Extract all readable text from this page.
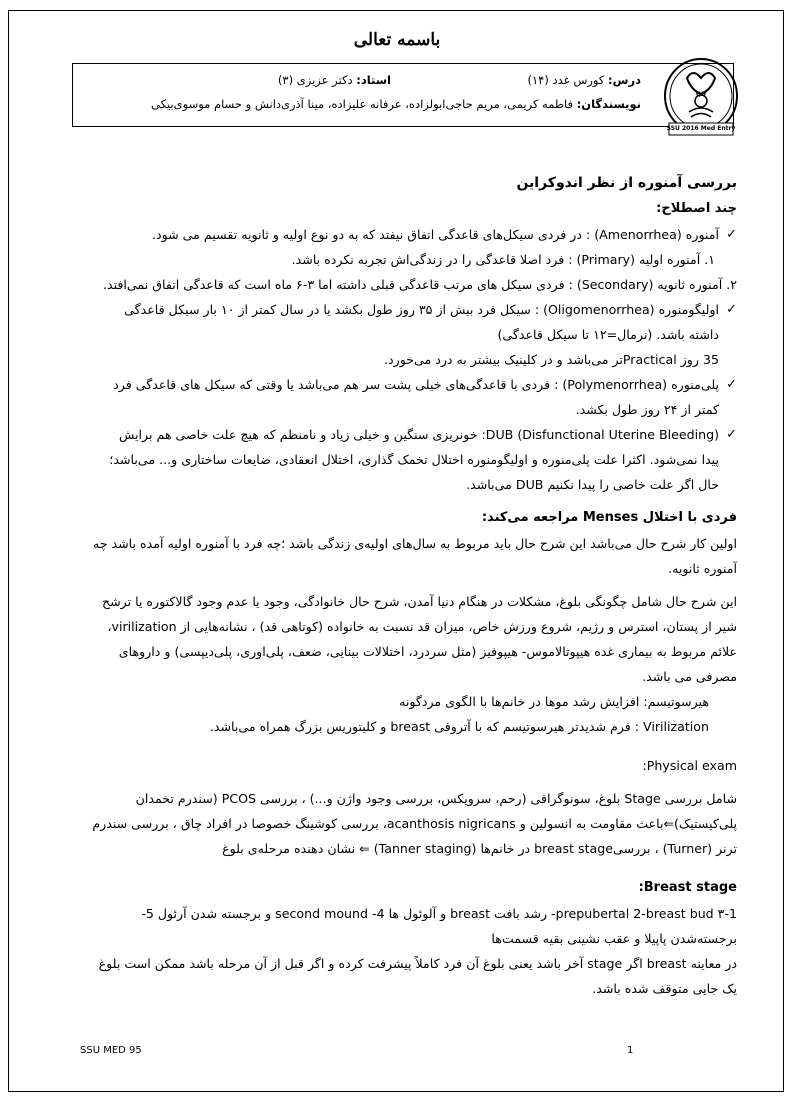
باسمه تعالی
QD
SSU 2016 Med Entry
درس: کورس غدد (۱۴)
استاد: دکتر عزیزی (۳)
نویسندگان: فاطمه کریمی، مریم حاجی‌ابولزاده، عرفانه علیزاده، مینا آذری‌دانش و حسام موسوی‌بیکی

بررسی آمنوره از نظر اندوکراین

چند اصطلاح:

✓
آمنوره (Amenorrhea) : در فردی سیکل‌های قاعدگی اتفاق نیفتد که به دو نوع اولیه و ثانویه تقسیم می شود.

۱. آمنوره اولیه (Primary) : فرد اصلا قاعدگی را در زندگی‌اش تجربه نکرده باشد.

۲. آمنوره ثانویه (Secondary) : فردی سیکل های مرتب قاعدگی قبلی داشته اما ۳-۶ ماه است که قاعدگی اتفاق نمی‌افتد.

✓
اولیگومنوره (Oligomenorrhea) : سیکل فرد بیش از ۳۵ روز طول بکشد یا در سال کمتر از ۱۰ بار سیکل قاعدگی
داشته باشد. (نرمال=۱۲ تا سیکل قاعدگی)

35 روز Practicalتر می‌باشد و در کلینیک بیشتر به درد می‌خورد.

✓
پلی‌منوره (Polymenorrhea) : فردی با قاعدگی‌های خیلی پشت سر هم می‌باشد یا وقتی که سیکل های قاعدگی فرد
کمتر از ۲۴ روز طول بکشد.

✓
DUB (Disfunctional Uterine Bleeding): خونریزی سنگین و خیلی زیاد و نامنظم که هیچ علت خاصی هم برایش
پیدا نمی‌شود. اکثرا علت پلی‌منوره و اولیگومنوره اختلال تخمک گذاری، اختلال انعقادی، ضایعات ساختاری و... می‌باشد؛
حال اگر علت خاصی را پیدا نکنیم DUB می‌باشد.

فردی با اختلال Menses مراجعه می‌کند:

اولین کار شرح حال می‌باشد این شرح حال باید مربوط به سال‌های اولیه‌ی زندگی باشد ؛چه فرد با آمنوره اولیه آمده باشد چه
آمنوره ثانویه.

این شرح حال شامل چگونگی بلوغ، مشکلات در هنگام دنیا آمدن، شرح حال خانوادگی، وجود یا عدم وجود گالاکتوره یا ترشح
شیر از پستان، استرس و رژیم، شروع ورزش خاص، میزان قد نسبت به خانواده (کوتاهی قد) ، نشانه‌هایی از virilization،
علائم مربوط به بیماری غده هیپوتالاموس- هیپوفیز (مثل سردرد، اختلالات بینایی، ضعف، پلی‌اوری، پلی‌دیپسی) و داروهای
مصرفی می باشد.

هیرسوتیسم: افزایش رشد موها در خانم‌ها با الگوی مردگونه

Virilization : فرم شدیدتر هیرسوتیسم که با آتروفی breast و کلیتوریس بزرگ همراه می‌باشد.

Physical exam:

شامل بررسی Stage بلوغ، سونوگرافی (رحم، سرویکس، بررسی وجود واژن و...) ، بررسی PCOS (سندرم تخمدان
پلی‌کیستیک)⇐باعث مقاومت به انسولین و acanthosis nigricans، بررسی کوشینگ خصوصا در افراد چاق ، بررسی سندرم
ترنر (Turner) ، بررسیbreast stage در خانم‌ها (Tanner staging) ⇐ نشان دهنده مرحله‌ی بلوغ

Breast stage:

1-prepubertal 2-breast bud ۳- رشد بافت breast و آلوئول ها 4- second mound و برجسته شدن آرئول 5-
برجسته‌شدن پاپیلا و عقب نشینی بقیه قسمت‌ها

در معاینه breast اگر stage آخر باشد یعنی بلوغ آن فرد کاملاً پیشرفت کرده و اگر قبل از آن مرحله باشد ممکن است بلوغ
یک جایی متوقف شده باشد.

SSU MED 95	1
